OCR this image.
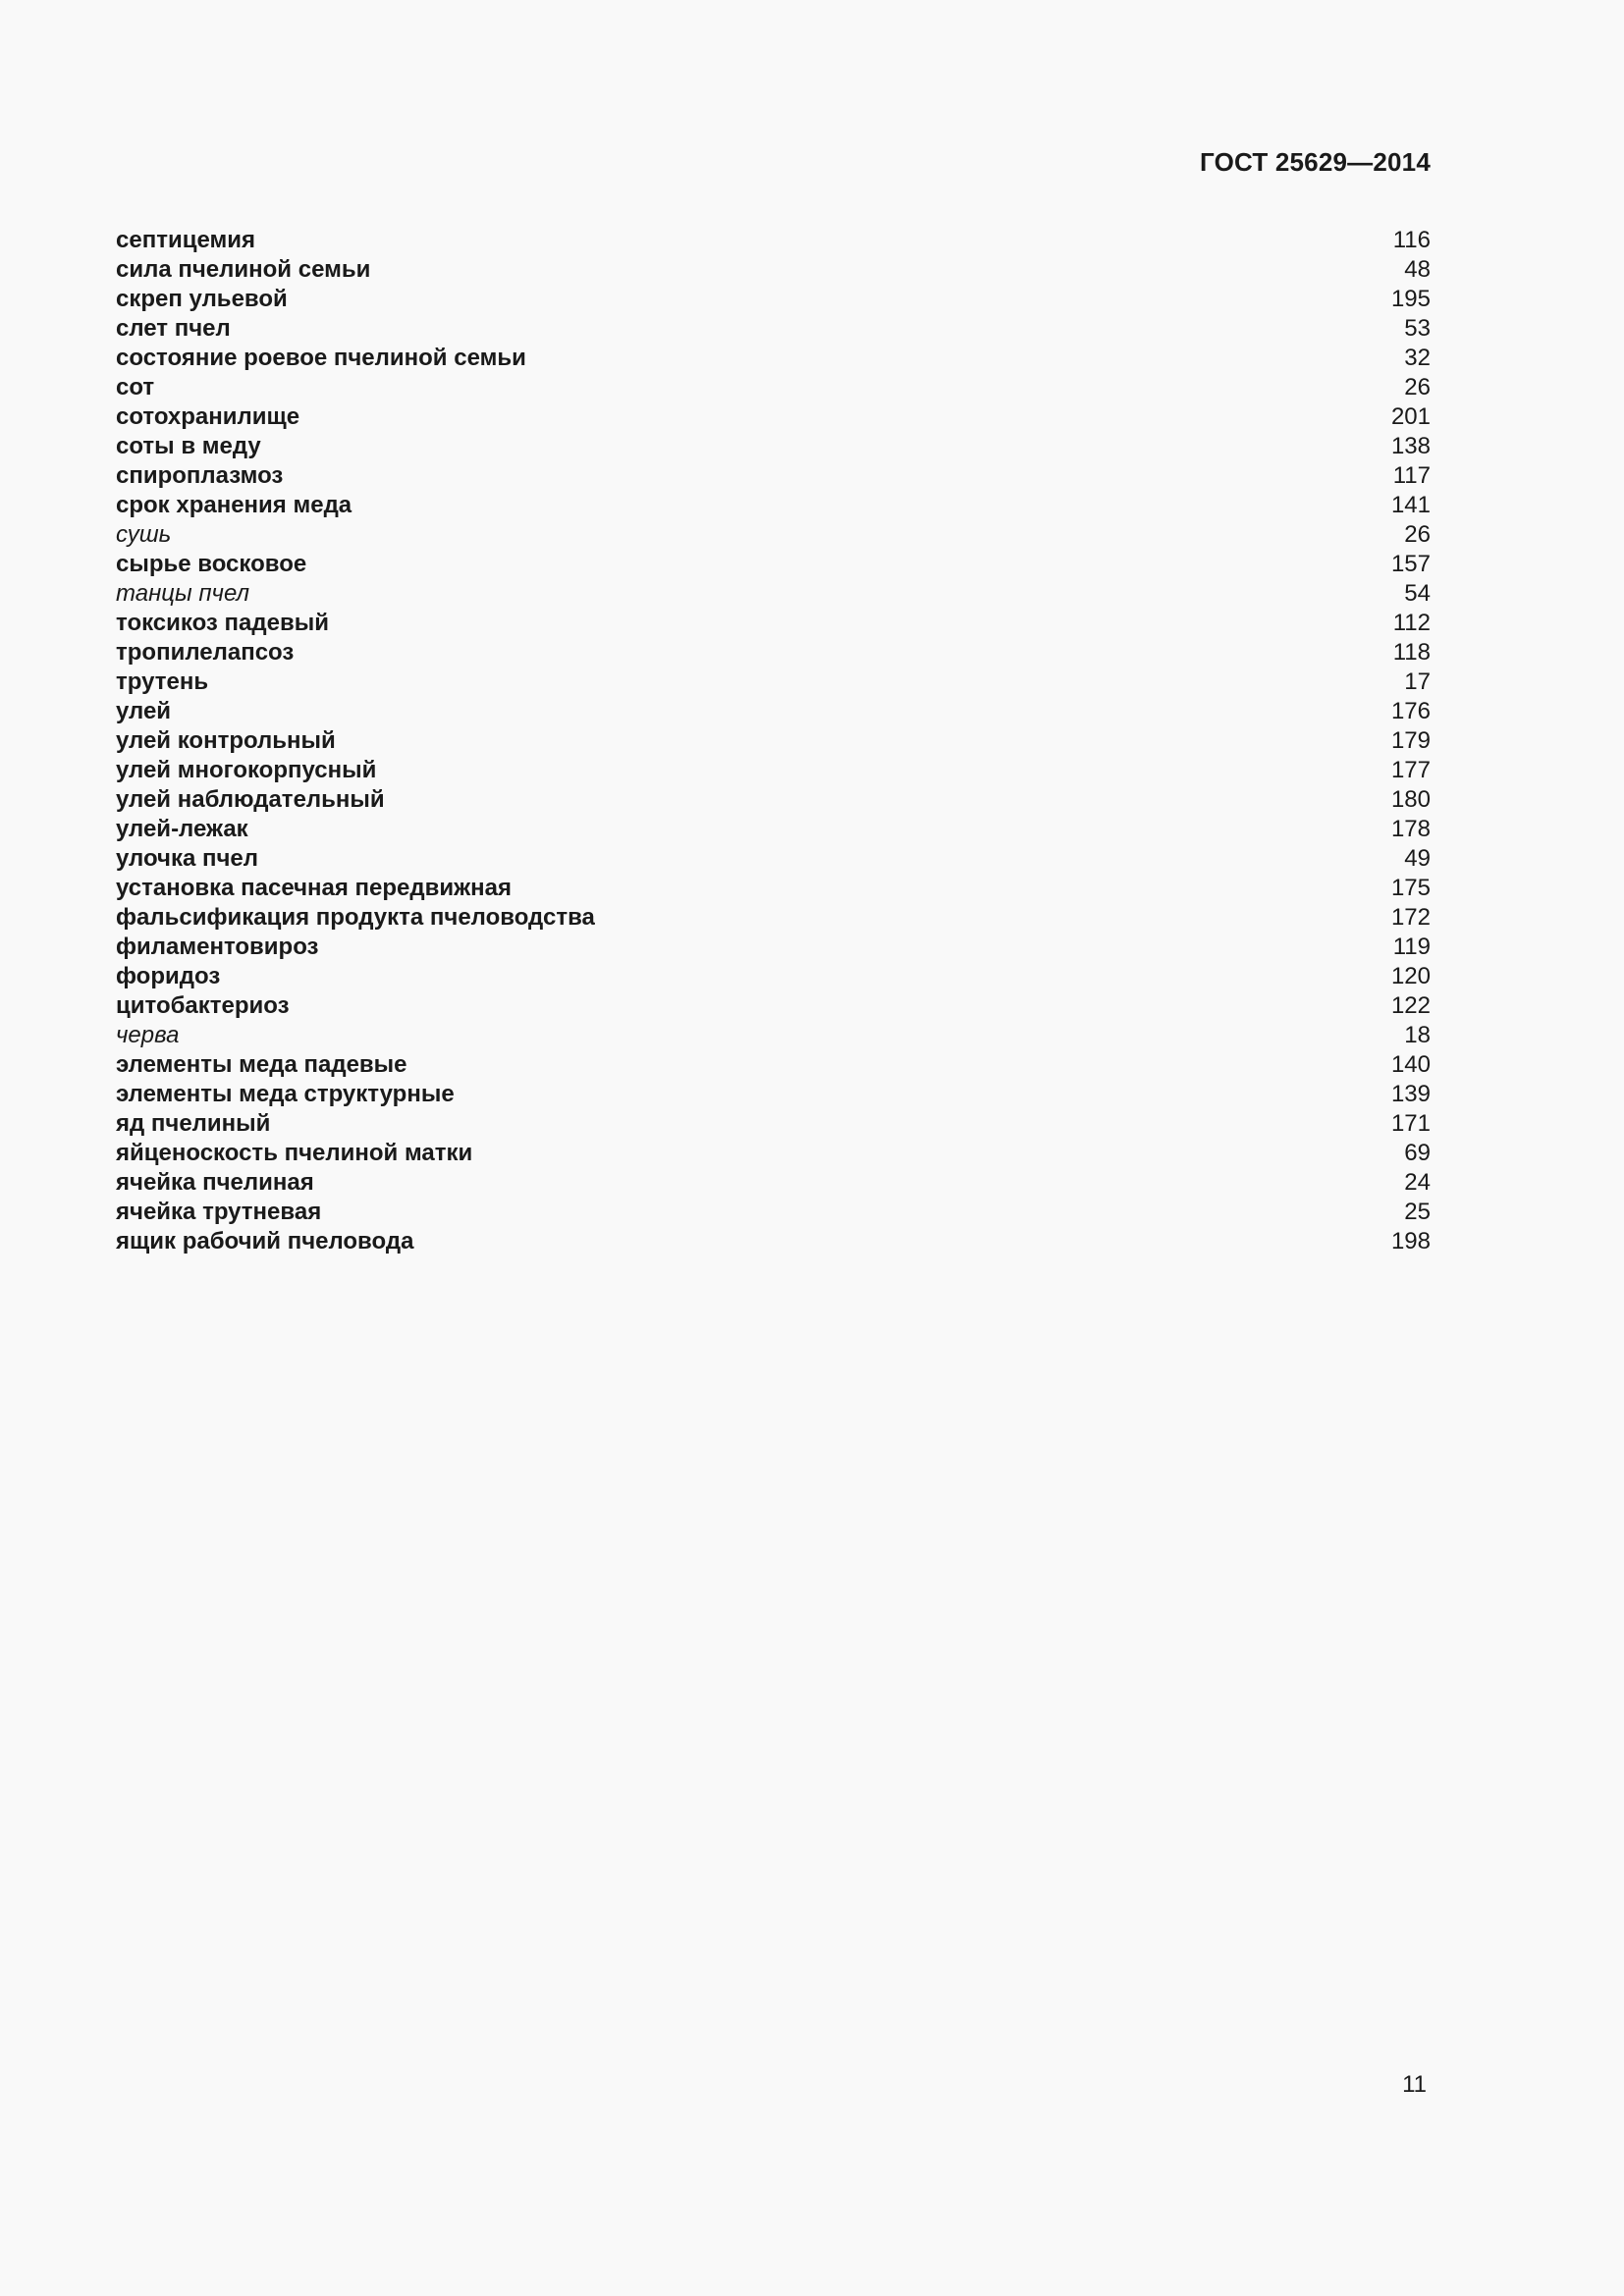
ГОСТ 25629—2014
септицемия	116
сила пчелиной семьи	48
скреп ульевой	195
слет пчел	53
состояние роевое пчелиной семьи	32
сот	26
сотохранилище	201
соты в меду	138
спироплазмоз	117
срок хранения меда	141
сушь	26
сырье восковое	157
танцы пчел	54
токсикоз падевый	112
тропилелапсоз	118
трутень	17
улей	176
улей контрольный	179
улей многокорпусный	177
улей наблюдательный	180
улей-лежак	178
улочка пчел	49
установка пасечная передвижная	175
фальсификация продукта пчеловодства	172
филаментовироз	119
форидоз	120
цитобактериоз	122
черва	18
элементы меда падевые	140
элементы меда структурные	139
яд пчелиный	171
яйценоскость пчелиной матки	69
ячейка пчелиная	24
ячейка трутневая	25
ящик рабочий пчеловода	198
11
